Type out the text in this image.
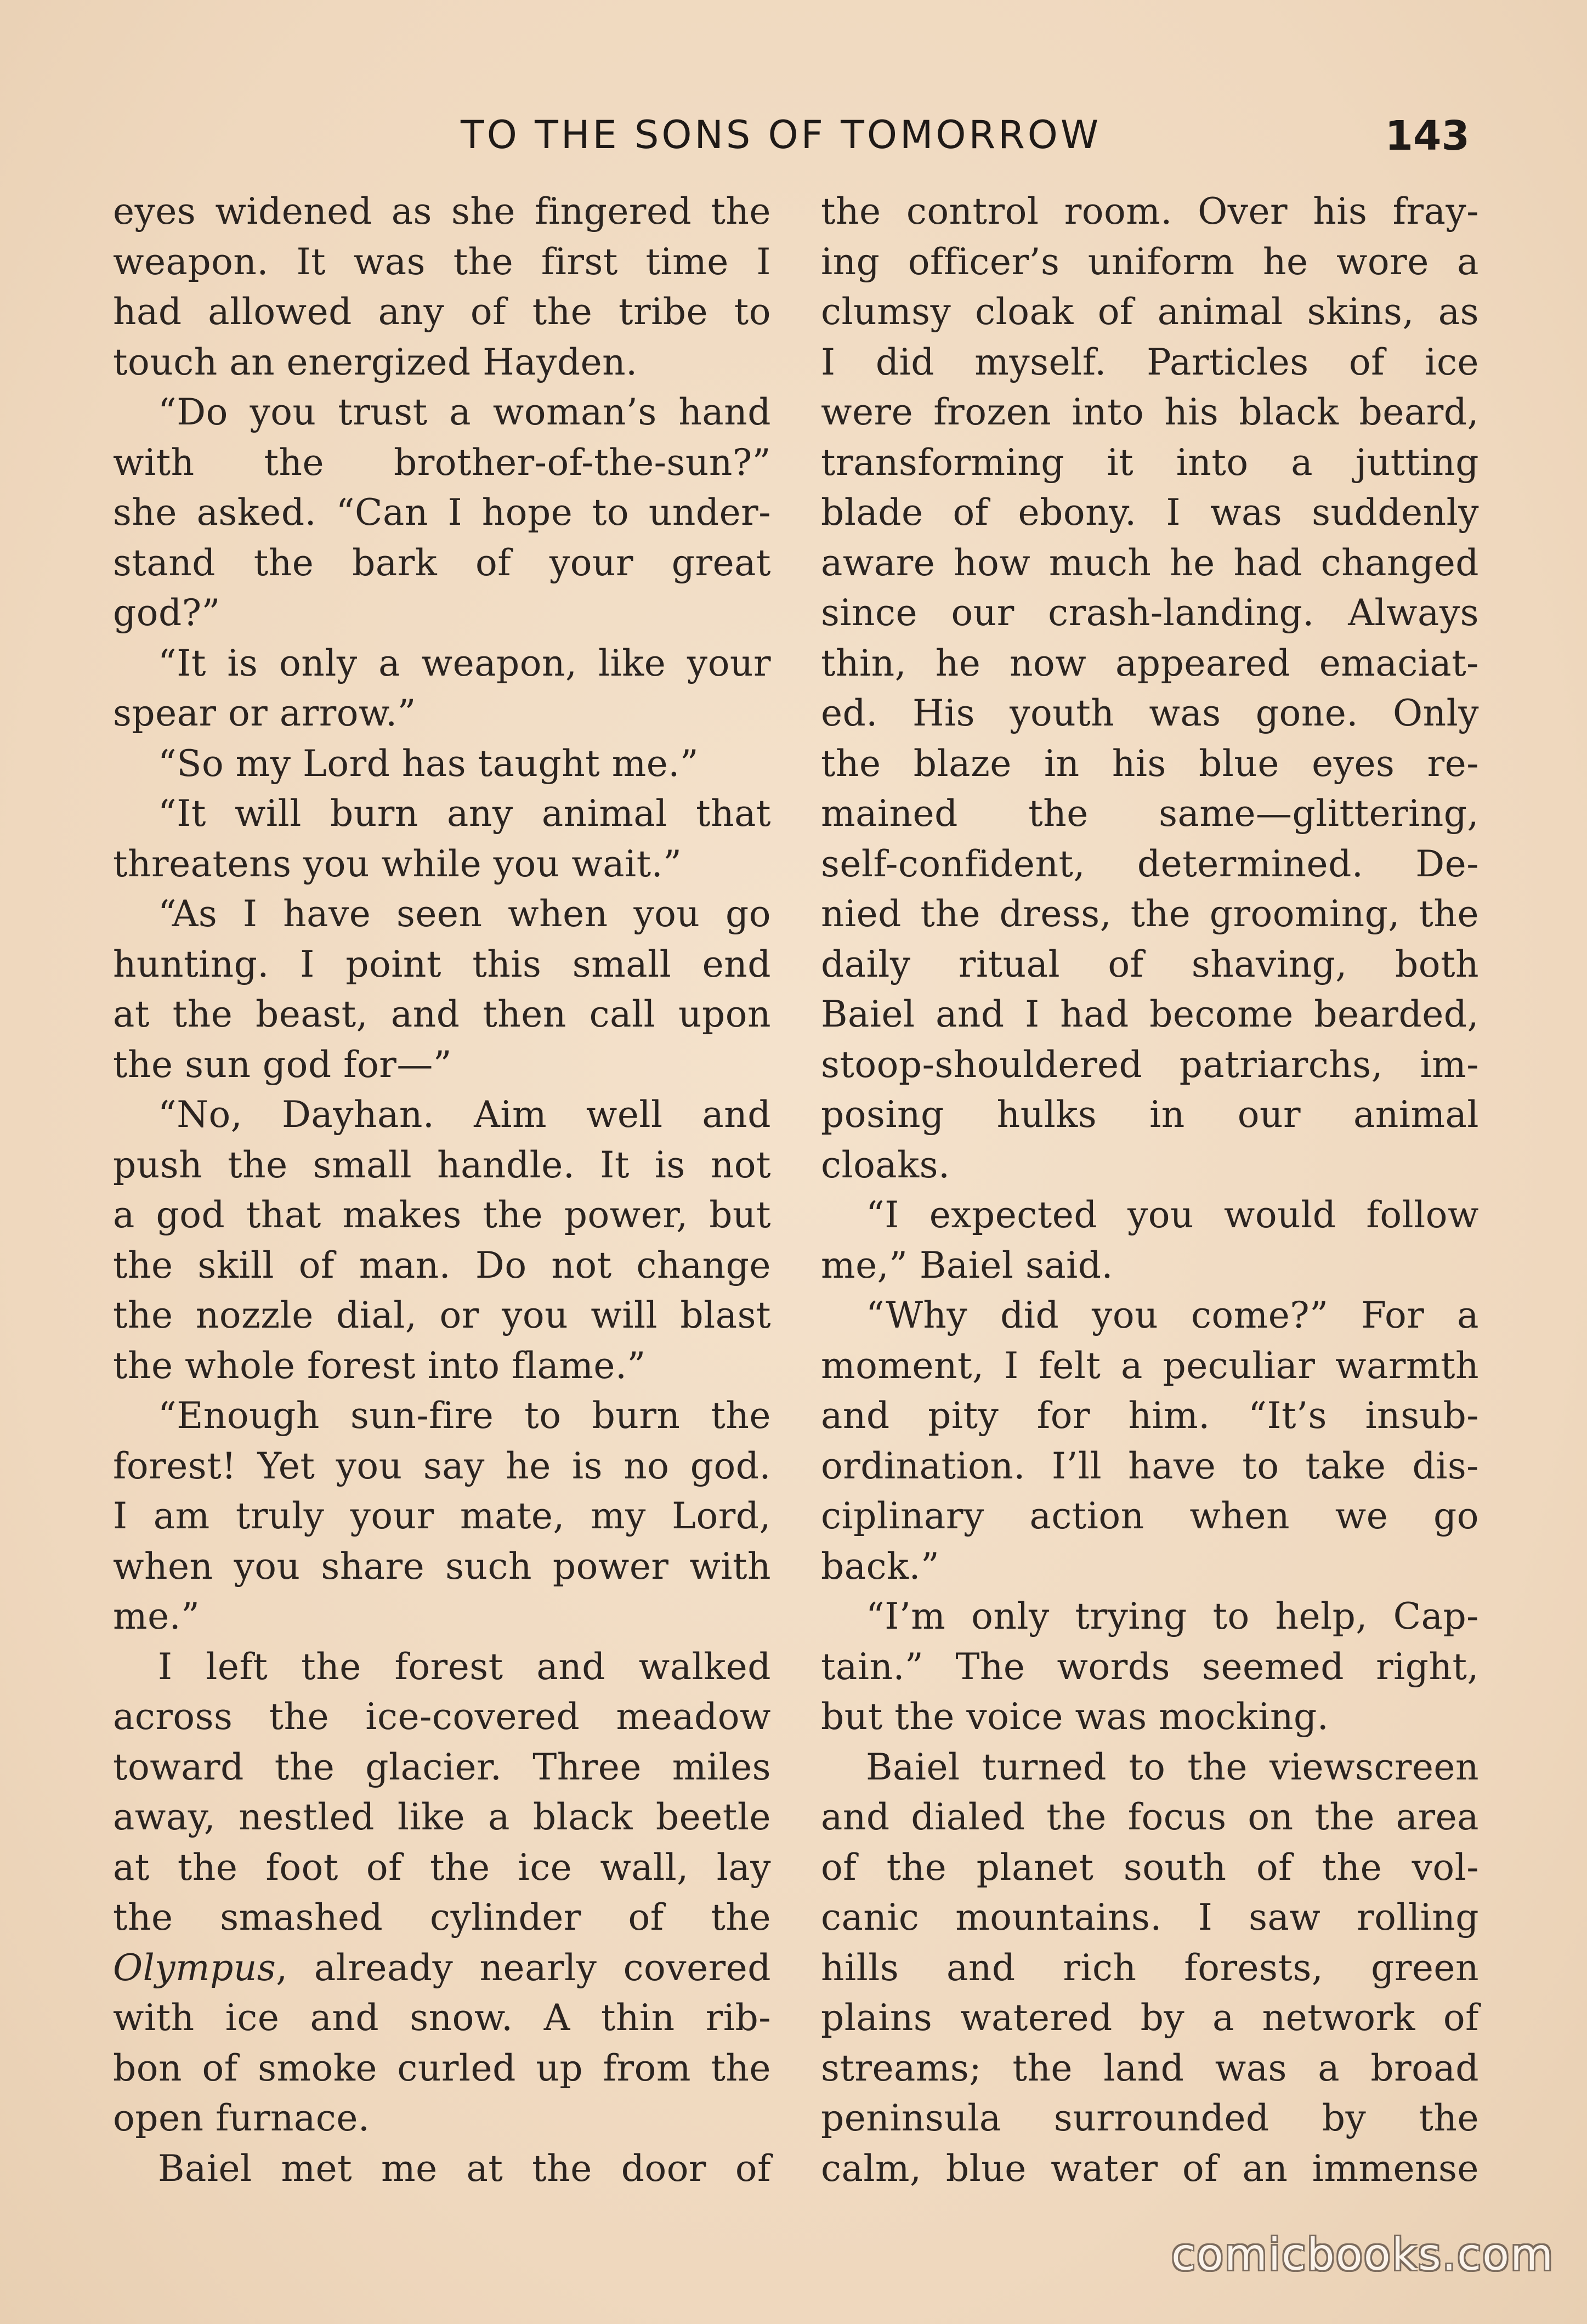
TO THE SONS OF TOMORROW	143
eyes widened as she fingered the
weapon. It was the first time I
had allowed any of the tribe to
touch an energized Hayden.
“Do you trust a woman’s hand
with the brother-of-the-sun?”
she asked. “Can I hope to under-
stand the bark of your great
god?”
“It is only a weapon, like your
spear or arrow.”
“So my Lord has taught me.”
“It will burn any animal that
threatens you while you wait.”
“As I have seen when you go
hunting. I point this small end
at the beast, and then call upon
the sun god for—”
“No, Dayhan. Aim well and
push the small handle. It is not
a god that makes the power, but
the skill of man. Do not change
the nozzle dial, or you will blast
the whole forest into flame.”
“Enough sun-fire to burn the
forest! Yet you say he is no god.
I am truly your mate, my Lord,
when you share such power with
me.”
I left the forest and walked
across the ice-covered meadow
toward the glacier. Three miles
away, nestled like a black beetle
at the foot of the ice wall, lay
the smashed cylinder of the
Olympus, already nearly covered
with ice and snow. A thin rib-
bon of smoke curled up from the
open furnace.
Baiel met me at the door of
the control room. Over his fray-
ing officer’s uniform he wore a
clumsy cloak of animal skins, as
I did myself. Particles of ice
were frozen into his black beard,
transforming it into a jutting
blade of ebony. I was suddenly
aware how much he had changed
since our crash-landing. Always
thin, he now appeared emaciat-
ed. His youth was gone. Only
the blaze in his blue eyes re-
mained the same—glittering,
self-confident, determined. De-
nied the dress, the grooming, the
daily ritual of shaving, both
Baiel and I had become bearded,
stoop-shouldered patriarchs, im-
posing hulks in our animal
cloaks.
“I expected you would follow
me,” Baiel said.
“Why did you come?” For a
moment, I felt a peculiar warmth
and pity for him. “It’s insub-
ordination. I’ll have to take dis-
ciplinary action when we go
back.”
“I’m only trying to help, Cap-
tain.” The words seemed right,
but the voice was mocking.
Baiel turned to the viewscreen
and dialed the focus on the area
of the planet south of the vol-
canic mountains. I saw rolling
hills and rich forests, green
plains watered by a network of
streams; the land was a broad
peninsula surrounded by the
calm, blue water of an immense
comicbooks.com
